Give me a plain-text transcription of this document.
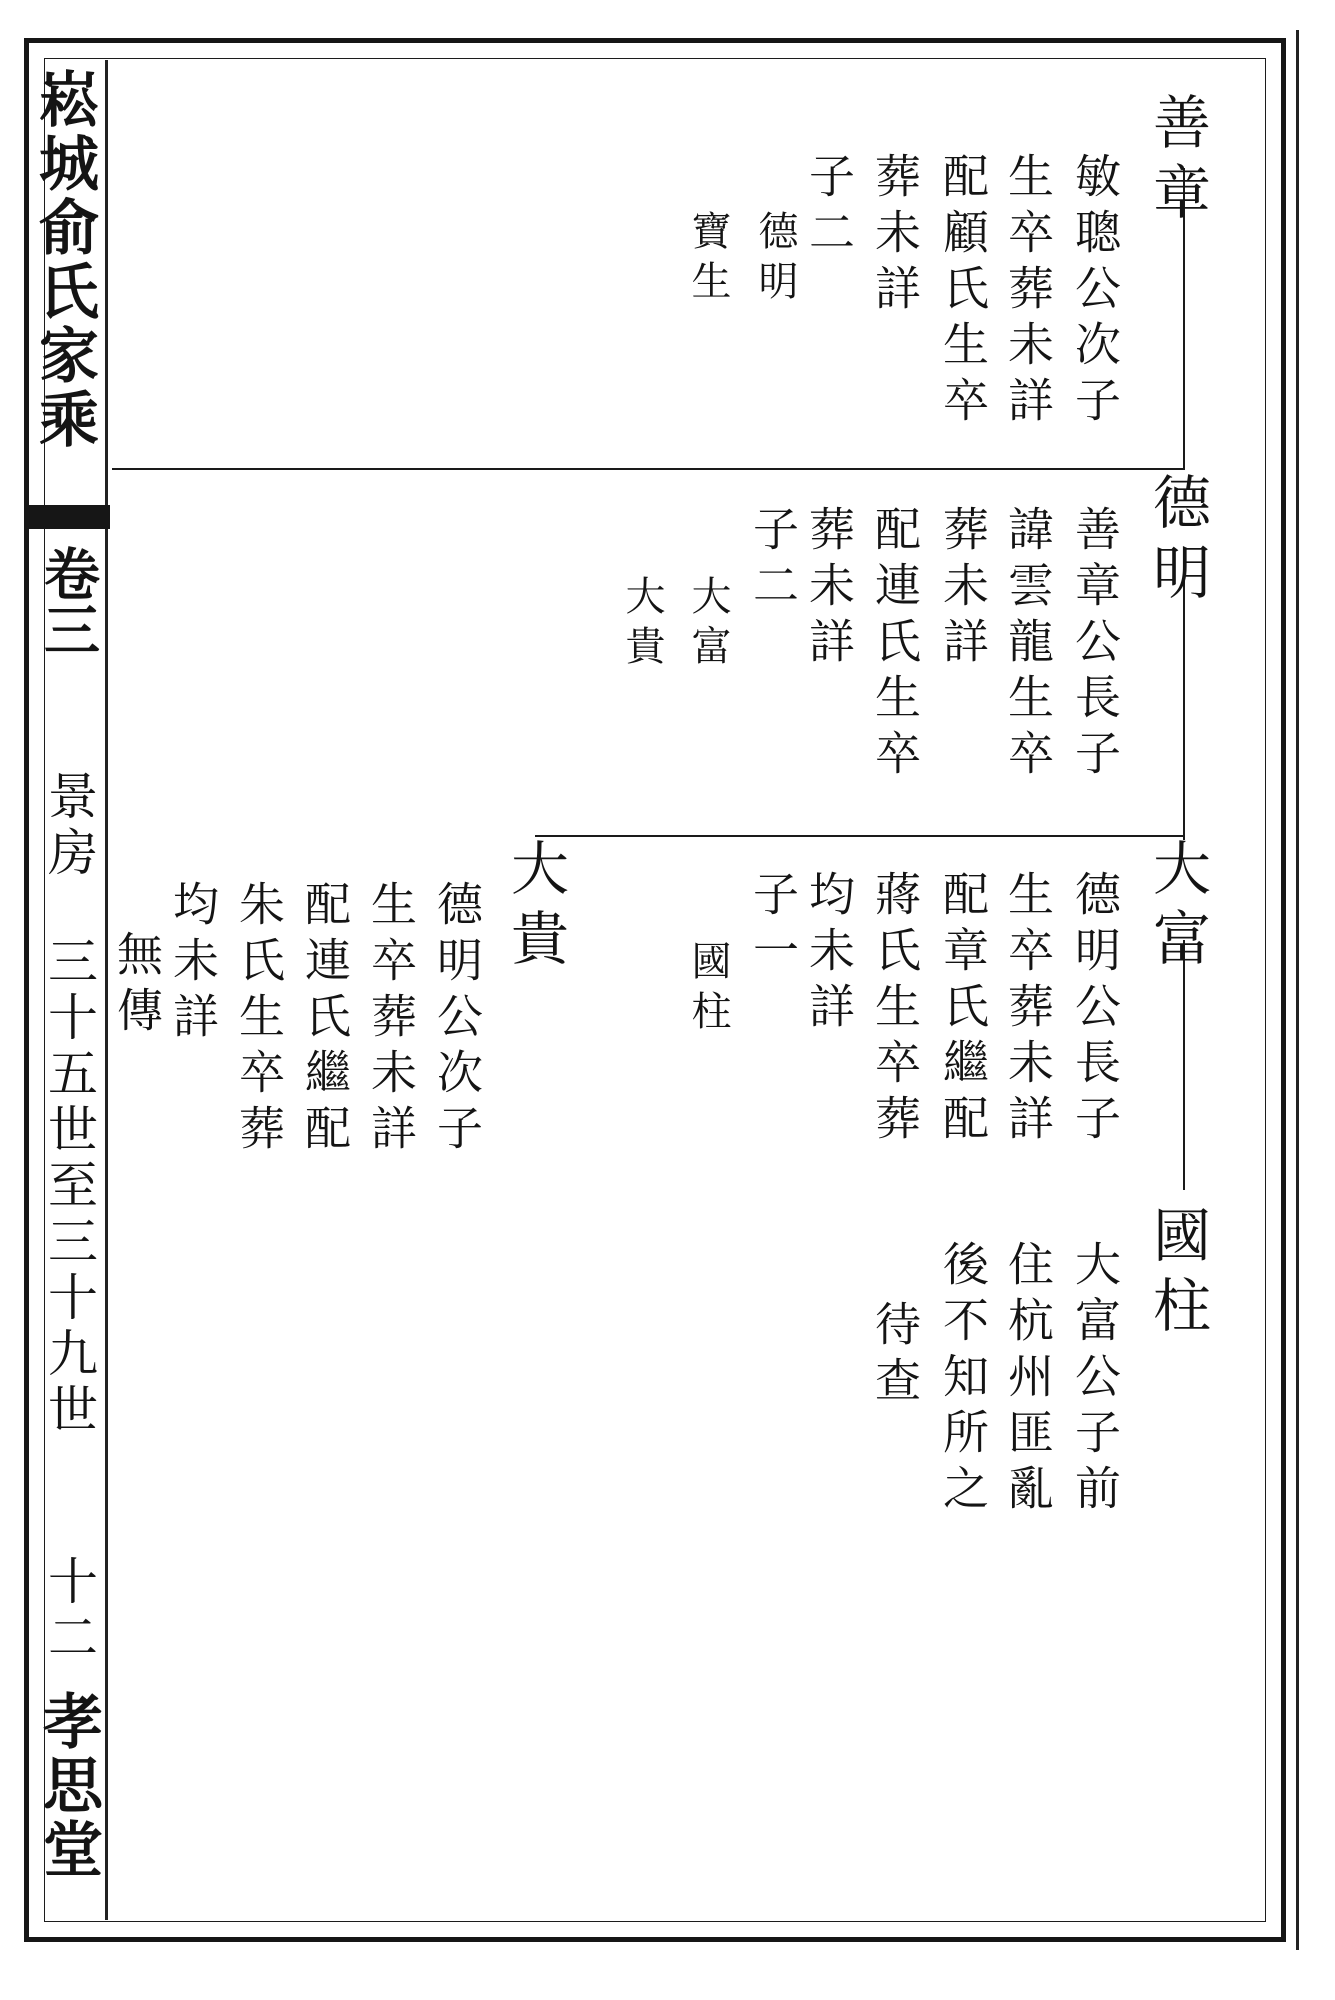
崧城俞氏家乘
卷三
景房
三十五世至三十九世
十二
孝思堂
善章
敏聰公次子
生卒葬未詳
配顧氏生卒
葬未詳
子二
德明
寶生
德明
善章公長子
諱雲龍生卒
葬未詳
配連氏生卒
葬未詳
子二
大富
大貴
大富
德明公長子
生卒葬未詳
配章氏繼配
蔣氏生卒葬
均未詳
子一
國柱
國柱
大富公子前
住杭州匪亂
後不知所之
待查
大貴
德明公次子
生卒葬未詳
配連氏繼配
朱氏生卒葬
均未詳
無傳
